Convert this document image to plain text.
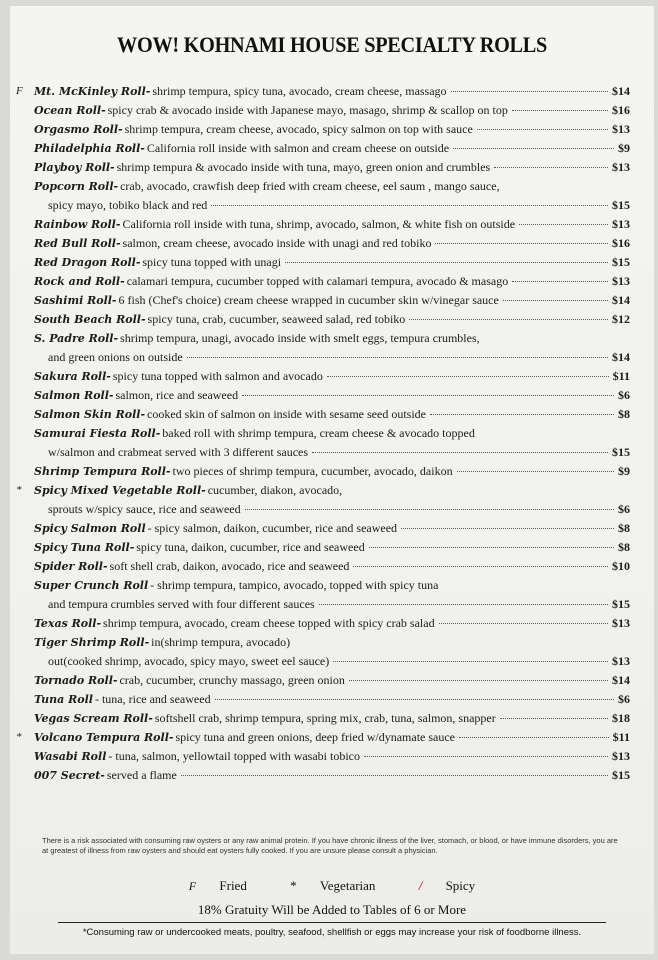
WOW! KOHNAMI HOUSE SPECIALTY ROLLS
F Mt. McKinley Roll- shrimp tempura, spicy tuna, avocado, cream cheese, massago	$14
Ocean Roll- spicy crab & avocado inside with Japanese mayo, masago, shrimp & scallop on top	$16
Orgasmo Roll- shrimp tempura, cream cheese, avocado, spicy salmon on top with sauce	$13
Philadelphia Roll- California roll inside with salmon and cream cheese on outside	$9
Playboy Roll- shrimp tempura & avocado inside with tuna, mayo, green onion and crumbles	$13
Popcorn Roll- crab, avocado, crawfish deep fried with cream cheese, eel saum , mango sauce,
spicy mayo, tobiko black and red	$15
Rainbow Roll- California roll inside with tuna, shrimp, avocado, salmon, & white fish on outside	$13
Red Bull Roll- salmon, cream cheese, avocado inside with unagi and red tobiko	$16
Red Dragon Roll- spicy tuna topped with unagi	$15
Rock and Roll- calamari tempura, cucumber topped with calamari tempura, avocado & masago	$13
Sashimi Roll- 6 fish (Chef's choice) cream cheese wrapped in cucumber skin w/vinegar sauce	$14
South Beach Roll- spicy tuna, crab, cucumber, seaweed salad, red tobiko	$12
S. Padre Roll- shrimp tempura, unagi, avocado inside with smelt eggs, tempura crumbles,
and green onions on outside	$14
Sakura Roll- spicy tuna topped with salmon and avocado	$11
Salmon Roll- salmon, rice and seaweed	$6
Salmon Skin Roll- cooked skin of salmon on inside with sesame seed outside	$8
Samurai Fiesta Roll- baked roll with shrimp tempura, cream cheese & avocado topped
w/salmon and crabmeat served with 3 different sauces	$15
Shrimp Tempura Roll- two pieces of shrimp tempura, cucumber, avocado, daikon	$9
* Spicy Mixed Vegetable Roll- cucumber, diakon, avocado,
sprouts w/spicy sauce, rice and seaweed	$6
Spicy Salmon Roll - spicy salmon, daikon, cucumber, rice and seaweed	$8
Spicy Tuna Roll- spicy tuna, daikon, cucumber, rice and seaweed	$8
Spider Roll- soft shell crab, daikon, avocado, rice and seaweed	$10
Super Crunch Roll - shrimp tempura, tampico, avocado, topped with spicy tuna
and tempura crumbles served with four different sauces	$15
Texas Roll- shrimp tempura, avocado, cream cheese topped with spicy crab salad	$13
Tiger Shrimp Roll- in(shrimp tempura, avocado)
out(cooked shrimp, avocado, spicy mayo, sweet eel sauce)	$13
Tornado Roll- crab, cucumber, crunchy massago, green onion	$14
Tuna Roll - tuna, rice and seaweed	$6
Vegas Scream Roll- softshell crab, shrimp tempura, spring mix, crab, tuna, salmon, snapper	$18
* Volcano Tempura Roll- spicy tuna and green onions, deep fried w/dynamate sauce	$11
Wasabi Roll - tuna, salmon, yellowtail topped with wasabi tobico	$13
007 Secret- served a flame	$15
There is a risk associated with consuming raw oysters or any raw animal protein. If you have chronic illness of the liver, stomach, or blood, or have immune disorders, you are at greatest of illness from raw oysters and should eat oysters fully cooked. If you are unsure please consult a physician.
F Fried	* Vegetarian	/ Spicy
18% Gratuity Will be Added to Tables of 6 or More
*Consuming raw or undercooked meats, poultry, seafood, shellfish or eggs may increase your risk of foodborne illness.
